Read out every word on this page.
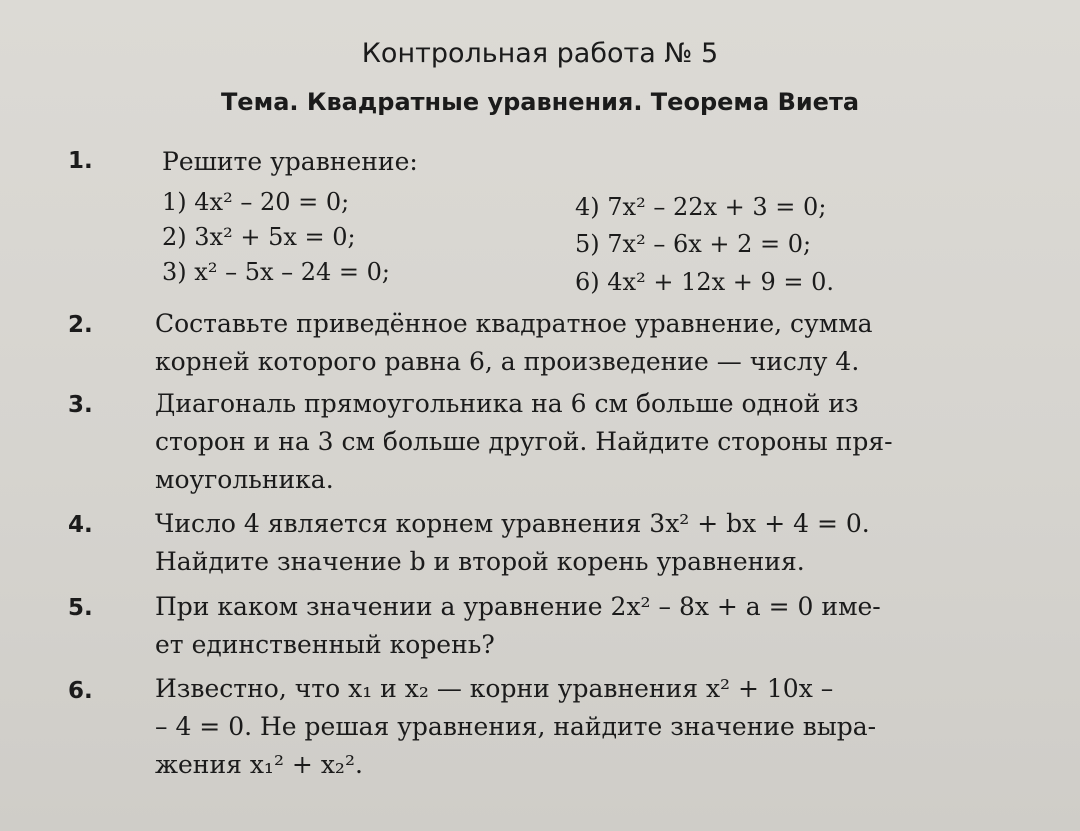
Контрольная работа № 5
Тема. Квадратные уравнения. Теорема Виета
1.	Решите уравнение:
1) 4x² – 20 = 0;
2) 3x² + 5x = 0;
3) x² – 5x – 24 = 0;
4) 7x² – 22x + 3 = 0;
5) 7x² – 6x + 2 = 0;
6) 4x² + 12x + 9 = 0.
2.	Составьте приведённое квадратное уравнение, сумма
корней которого равна 6, а произведение — числу 4.
3.	Диагональ прямоугольника на 6 см больше одной из
сторон и на 3 см больше другой. Найдите стороны пря-
моугольника.
4.	Число 4 является корнем уравнения 3x² + bx + 4 = 0.
Найдите значение b и второй корень уравнения.
5.	При каком значении a уравнение 2x² – 8x + a = 0 име-
ет единственный корень?
6.	Известно, что x₁ и x₂ — корни уравнения x² + 10x –
– 4 = 0. Не решая уравнения, найдите значение выра-
жения x₁² + x₂².
